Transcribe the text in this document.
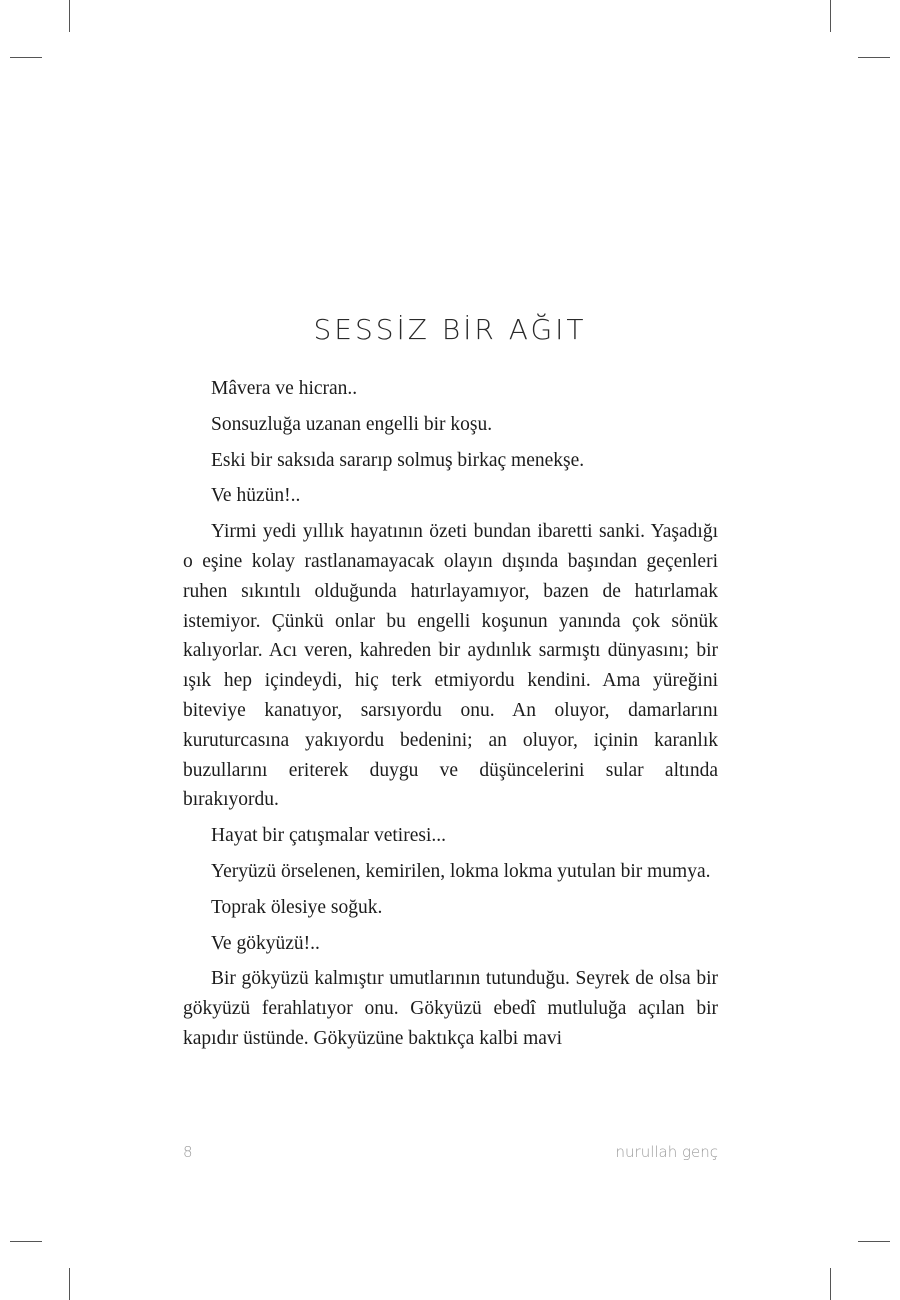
SESSİZ BİR AĞIT

Mâvera ve hicran..

Sonsuzluğa uzanan engelli bir koşu.

Eski bir saksıda sararıp solmuş birkaç menekşe.

Ve hüzün!..

Yirmi yedi yıllık hayatının özeti bundan ibaretti sanki. Yaşadığı o eşine kolay rastlanamayacak olayın dışında başından geçenleri ruhen sıkıntılı olduğunda hatırlayamıyor, bazen de hatırlamak istemiyor. Çünkü onlar bu engelli koşunun yanında çok sönük kalıyorlar. Acı veren, kahreden bir aydınlık sarmıştı dünyasını; bir ışık hep içindeydi, hiç terk etmiyordu kendini. Ama yüreğini biteviye kanatıyor, sarsıyordu onu. An oluyor, damarlarını kuruturcasına yakıyordu bedenini; an oluyor, içinin karanlık buzullarını eriterek duygu ve düşüncelerini sular altında bırakıyordu.

Hayat bir çatışmalar vetiresi...

Yeryüzü örselenen, kemirilen, lokma lokma yutulan bir mumya.

Toprak ölesiye soğuk.

Ve gökyüzü!..

Bir gökyüzü kalmıştır umutlarının tutunduğu. Seyrek de olsa bir gökyüzü ferahlatıyor onu. Gökyüzü ebedî mutluluğa açılan bir kapıdır üstünde. Gökyüzüne baktıkça kalbi mavi

8	nurullah genç
